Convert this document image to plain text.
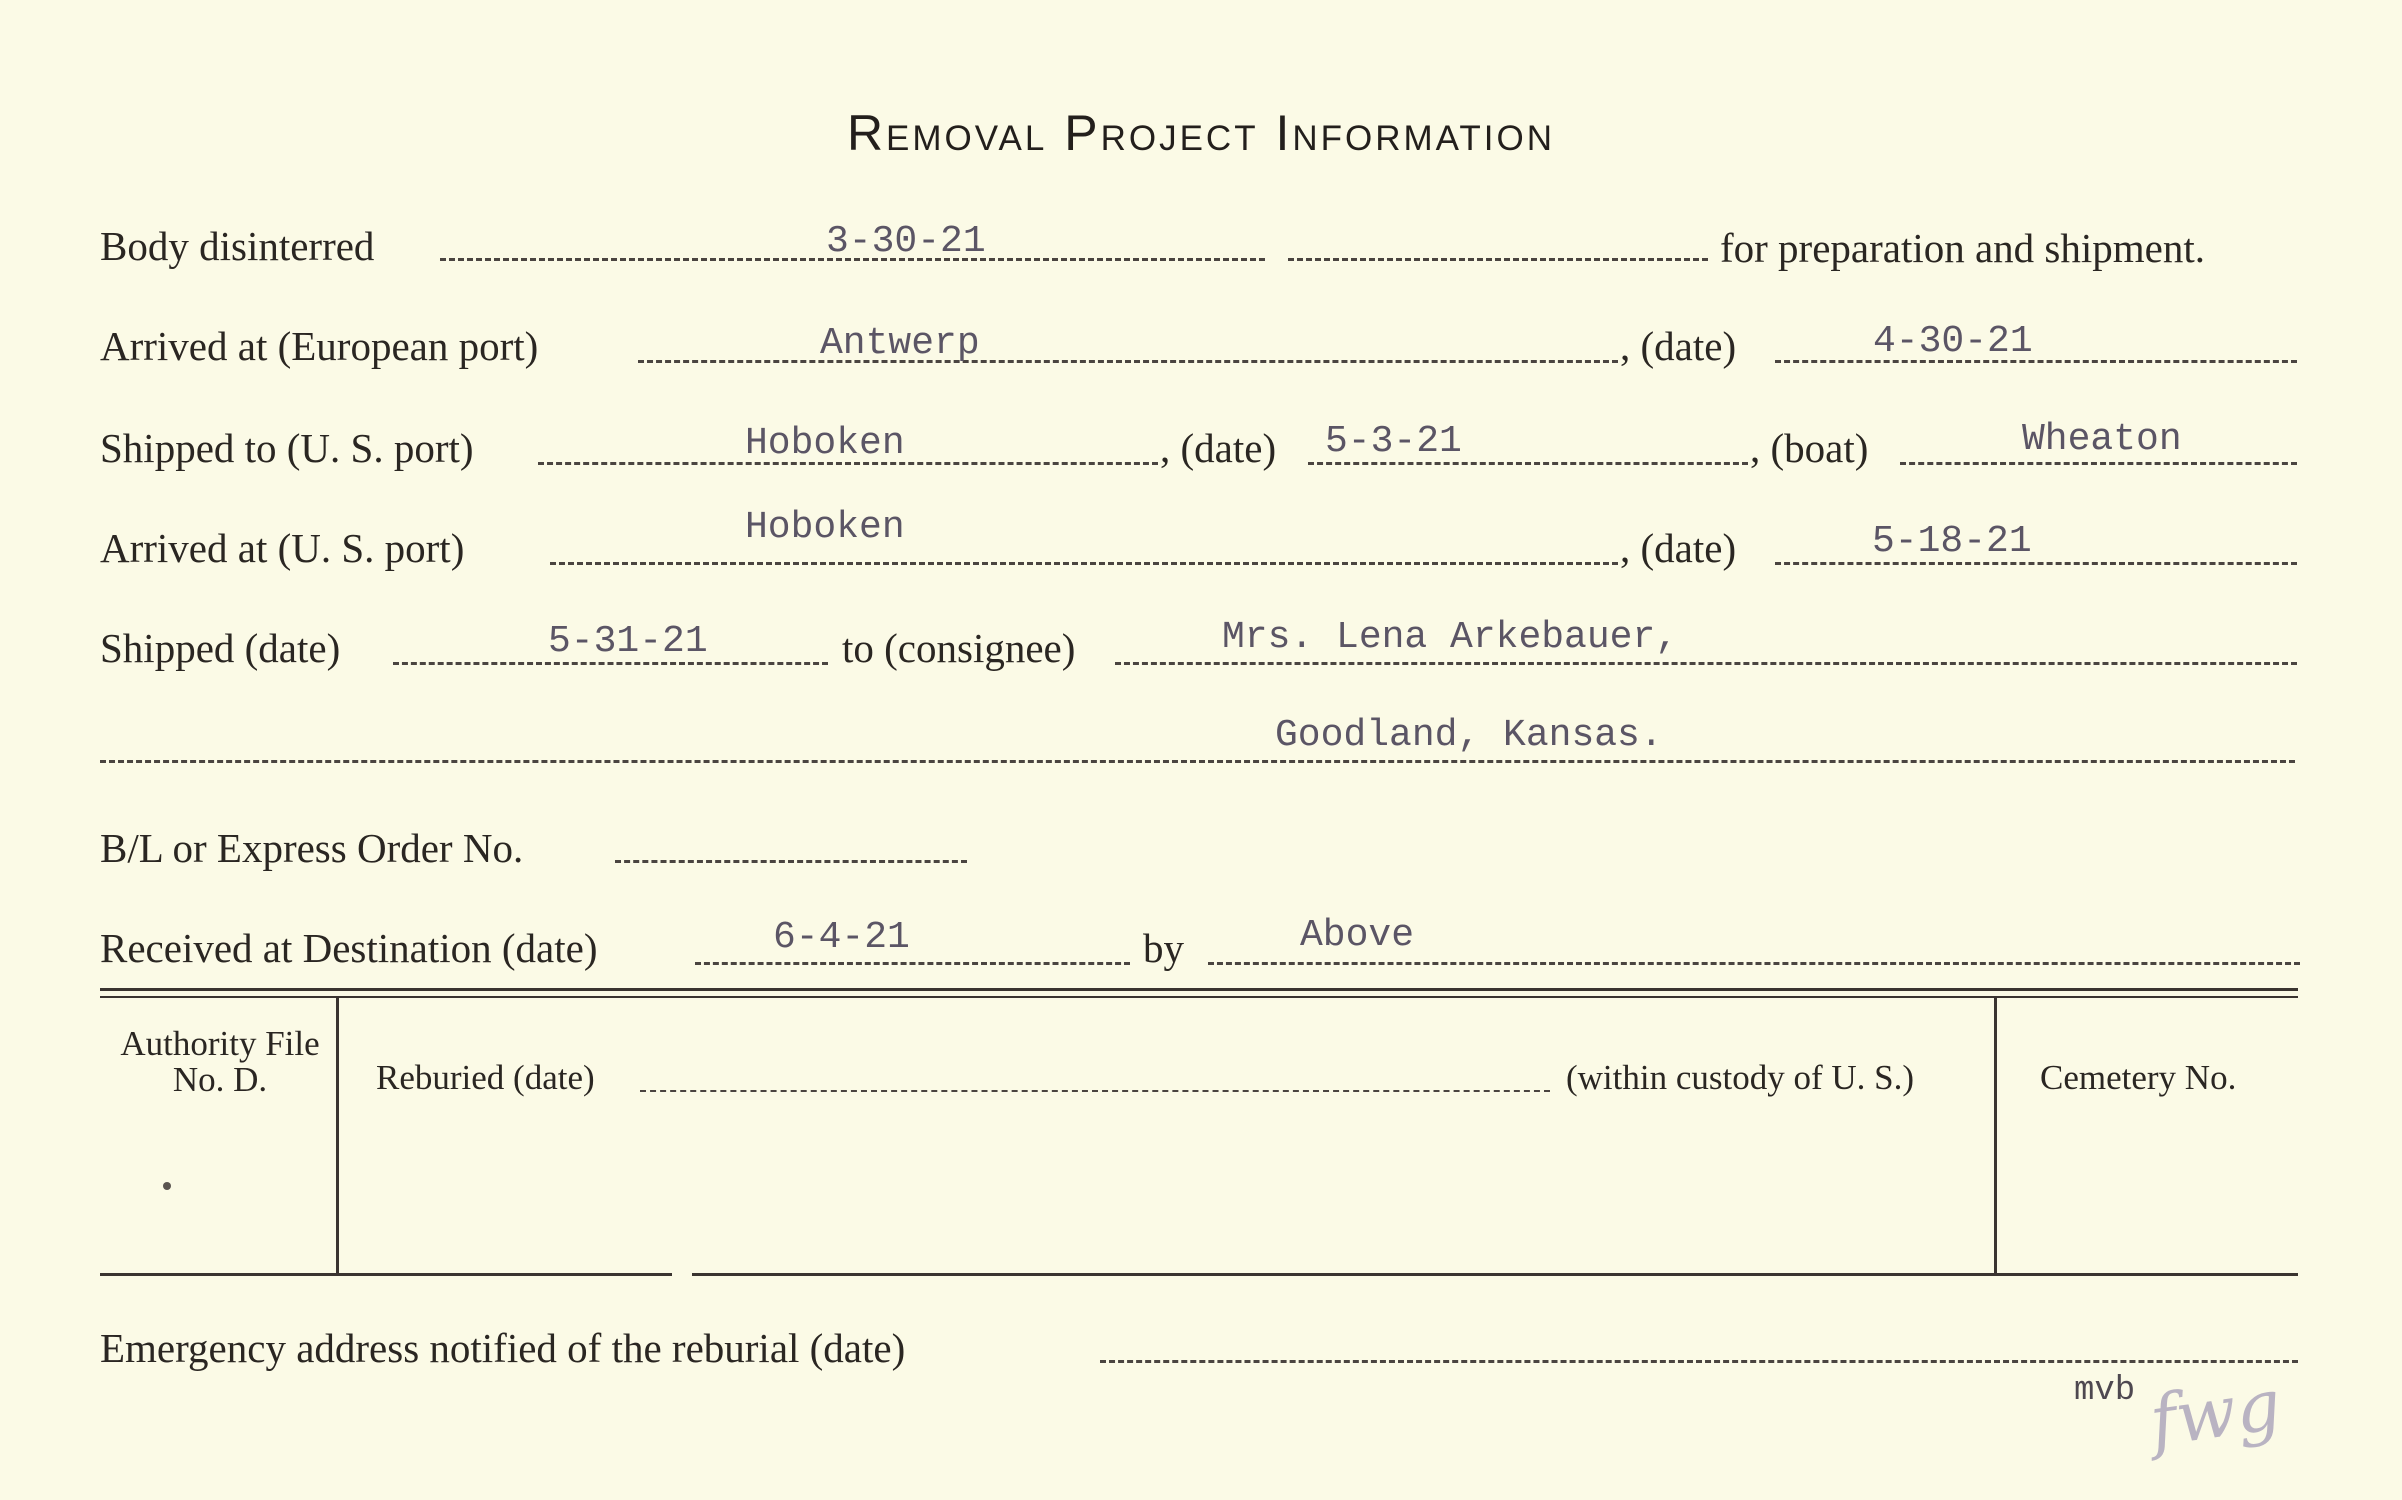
Removal Project Information
Body disinterred	3-30-21	for preparation and shipment.
Arrived at (European port)	Antwerp	, (date)	4-30-21
Shipped to (U. S. port)	Hoboken	, (date) 5-3-21	, (boat)	Wheaton
Arrived at (U. S. port)	Hoboken	, (date)	5-18-21
Shipped (date)	5-31-21	to (consignee)	Mrs. Lena Arkebauer,
Goodland, Kansas.
B/L or Express Order No.
Received at Destination (date)	6-4-21	by	Above
Authority File No. D.	Reburied (date)	(within custody of U. S.)	Cemetery No.
Emergency address notified of the reburial (date)
mvb fwg
